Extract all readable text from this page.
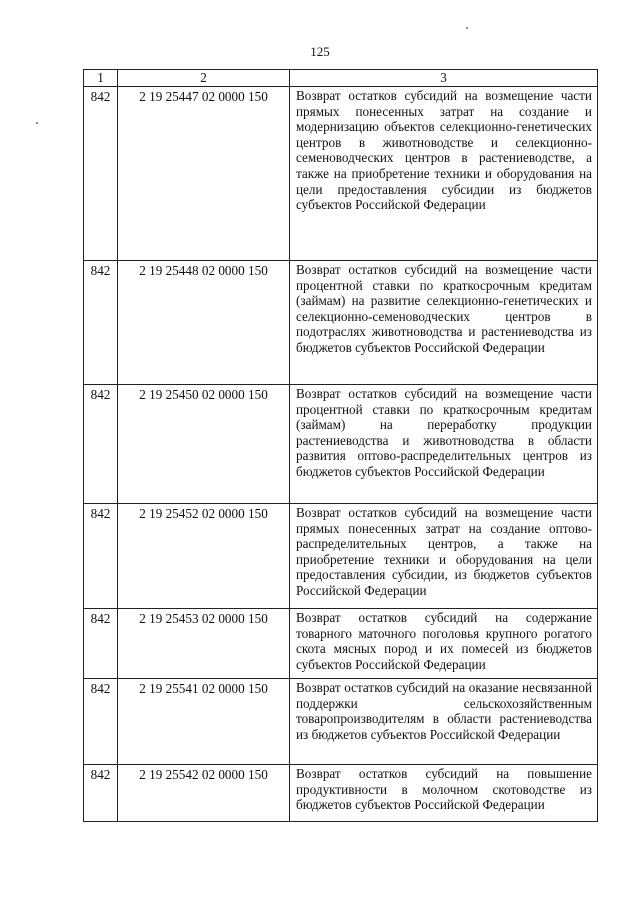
125
1	2	3
842	2 19 25447 02 0000 150	Возврат остатков субсидий на возмещение части прямых понесенных затрат на создание и модернизацию объектов селекционно-генетических центров в животноводстве и селекционно-семеноводческих центров в растениеводстве, а также на приобретение техники и оборудования на цели предоставления субсидии из бюджетов субъектов Российской Федерации
842	2 19 25448 02 0000 150	Возврат остатков субсидий на возмещение части процентной ставки по краткосрочным кредитам (займам) на развитие селекционно-генетических и селекционно-семеноводческих центров в подотраслях животноводства и растениеводства из бюджетов субъектов Российской Федерации
842	2 19 25450 02 0000 150	Возврат остатков субсидий на возмещение части процентной ставки по краткосрочным кредитам (займам) на переработку продукции растениеводства и животноводства в области развития оптово-распределительных центров из бюджетов субъектов Российской Федерации
842	2 19 25452 02 0000 150	Возврат остатков субсидий на возмещение части прямых понесенных затрат на создание оптово-распределительных центров, а также на приобретение техники и оборудования на цели предоставления субсидии, из бюджетов субъектов Российской Федерации
842	2 19 25453 02 0000 150	Возврат остатков субсидий на содержание товарного маточного поголовья крупного рогатого скота мясных пород и их помесей из бюджетов субъектов Российской Федерации
842	2 19 25541 02 0000 150	Возврат остатков субсидий на оказание несвязанной поддержки сельскохозяйственным товаропроизводителям в области растениеводства из бюджетов субъектов Российской Федерации
842	2 19 25542 02 0000 150	Возврат остатков субсидий на повышение продуктивности в молочном скотоводстве из бюджетов субъектов Российской Федерации
